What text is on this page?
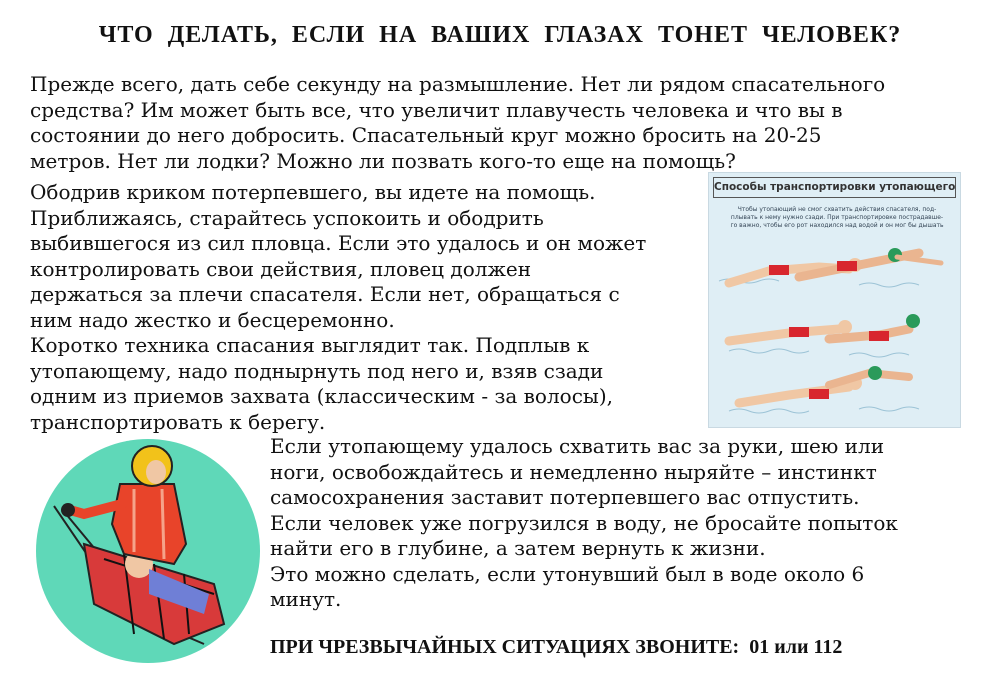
ЧТО  ДЕЛАТЬ,  ЕСЛИ  НА  ВАШИХ  ГЛАЗАХ  ТОНЕТ  ЧЕЛОВЕК?
Прежде всего, дать себе секунду на размышление. Нет ли рядом спасательного
средства? Им может быть все, что увеличит плавучесть человека и что вы в
состоянии до него добросить. Спасательный круг можно бросить на 20-25
метров. Нет ли лодки? Можно ли позвать кого-то еще на помощь?
Ободрив криком потерпевшего, вы идете на помощь.
Приближаясь, старайтесь успокоить и ободрить
выбившегося из сил пловца. Если это удалось и он может
контролировать свои действия, пловец должен
держаться за плечи спасателя. Если нет, обращаться с
ним надо жестко и бесцеремонно.
Коротко техника спасания выглядит так. Подплыв к
утопающему, надо поднырнуть под него и, взяв сзади
одним из приемов захвата (классическим - за волосы),
транспортировать к берегу.
Способы транспортировки утопающего
Чтобы утопающий не смог схватить действия спасателя, под-
плывать к нему нужно сзади. При транспортировке пострадавше-
го важно, чтобы его рот находился над водой и он мог бы дышать
Если утопающему удалось схватить вас за руки, шею или
ноги, освобождайтесь и немедленно ныряйте – инстинкт
самосохранения заставит потерпевшего вас отпустить.
Если человек уже погрузился в воду, не бросайте попыток
найти его в глубине, а затем вернуть к жизни.
Это можно сделать, если утонувший был в воде около 6
минут.
ПРИ ЧРЕЗВЫЧАЙНЫХ СИТУАЦИЯХ ЗВОНИТЕ:  01 или 112
